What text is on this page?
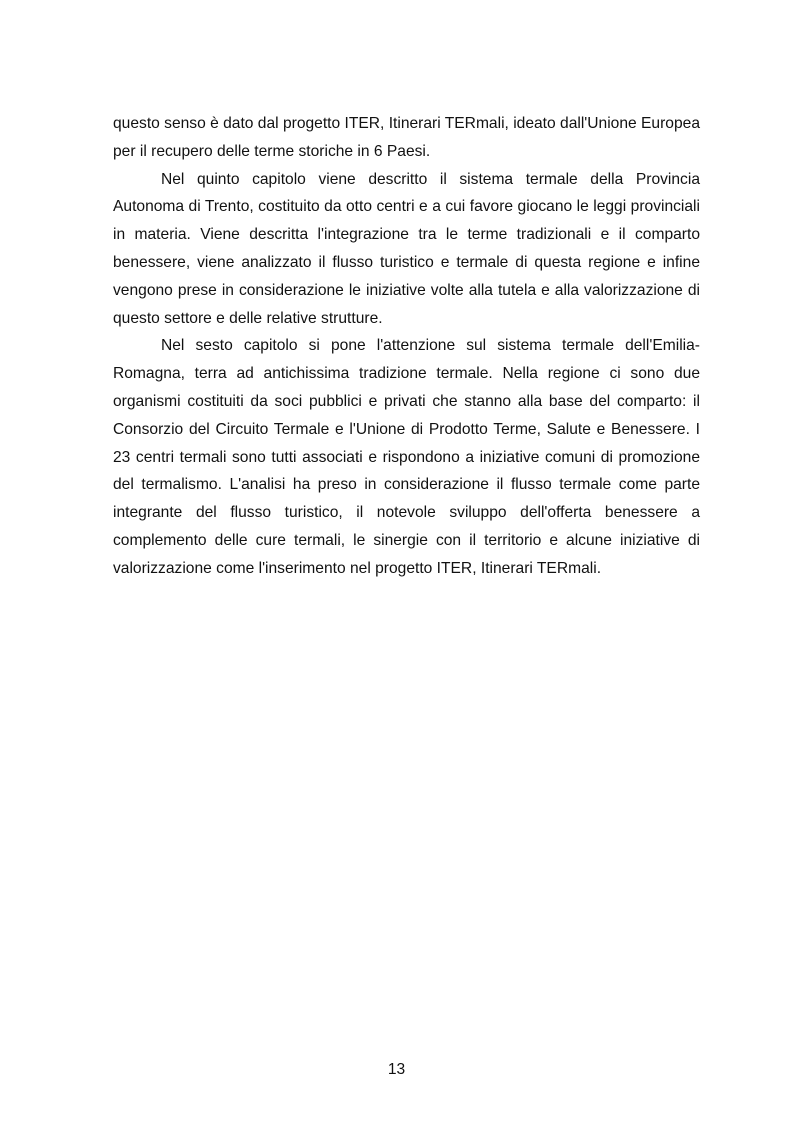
questo senso è dato dal progetto ITER, Itinerari TERmali, ideato dall'Unione Europea per il recupero delle terme storiche in 6 Paesi.

Nel quinto capitolo viene descritto il sistema termale della Provincia Autonoma di Trento, costituito da otto centri e a cui favore giocano le leggi provinciali in materia. Viene descritta l'integrazione tra le terme tradizionali e il comparto benessere, viene analizzato il flusso turistico e termale di questa regione e infine vengono prese in considerazione le iniziative volte alla tutela e alla valorizzazione di questo settore e delle relative strutture.

Nel sesto capitolo si pone l'attenzione sul sistema termale dell'Emilia-Romagna, terra ad antichissima tradizione termale. Nella regione ci sono due organismi costituiti da soci pubblici e privati che stanno alla base del comparto: il Consorzio del Circuito Termale e l'Unione di Prodotto Terme, Salute e Benessere. I 23 centri termali sono tutti associati e rispondono a iniziative comuni di promozione del termalismo. L'analisi ha preso in considerazione il flusso termale come parte integrante del flusso turistico, il notevole sviluppo dell'offerta benessere a complemento delle cure termali, le sinergie con il territorio e alcune iniziative di valorizzazione come l'inserimento nel progetto ITER, Itinerari TERmali.

13
